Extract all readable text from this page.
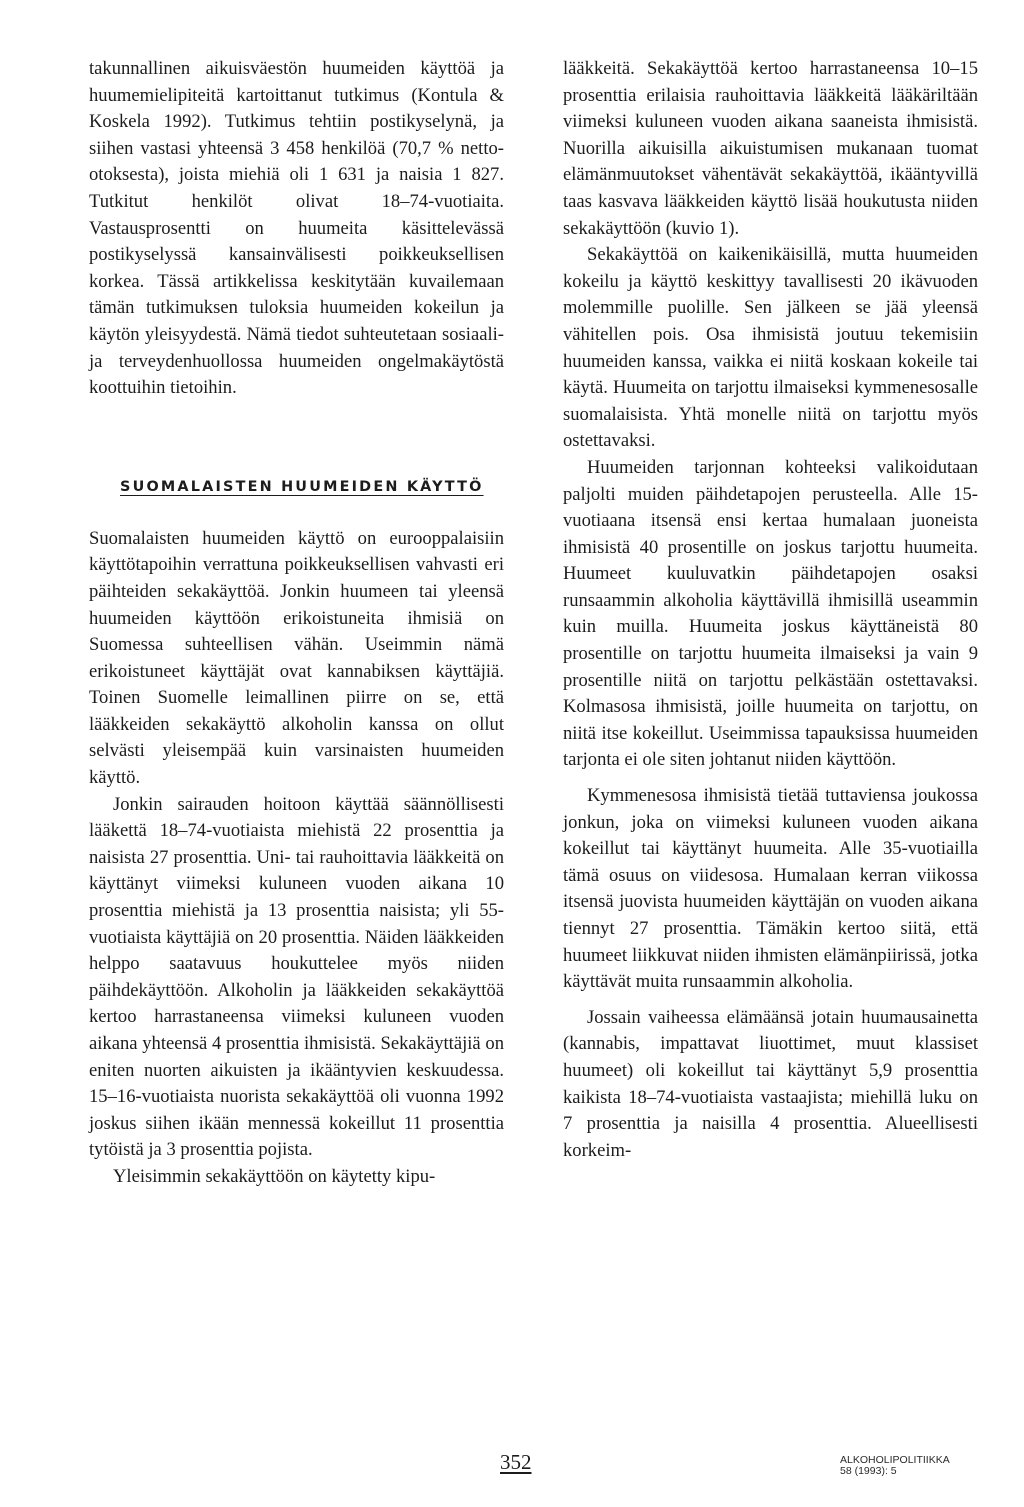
takunnallinen aikuisväestön huumeiden käyttöä ja huumemielipiteitä kartoittanut tutkimus (Kontula & Koskela 1992). Tutkimus tehtiin postikyselynä, ja siihen vastasi yhteensä 3 458 henkilöä (70,7 % netto-otoksesta), joista miehiä oli 1 631 ja naisia 1 827. Tutkitut henkilöt olivat 18–74-vuotiaita. Vastausprosentti on huumeita käsittelevässä postikyselyssä kansainvälisesti poikkeuksellisen korkea. Tässä artikkelissa keskitytään kuvailemaan tämän tutkimuksen tuloksia huumeiden kokeilun ja käytön yleisyydestä. Nämä tiedot suhteutetaan sosiaali- ja terveydenhuollossa huumeiden ongelmakäytöstä koottuihin tietoihin.

SUOMALAISTEN HUUMEIDEN KÄYTTÖ

Suomalaisten huumeiden käyttö on eurooppalaisiin käyttötapoihin verrattuna poikkeuksellisen vahvasti eri päihteiden sekakäyttöä. Jonkin huumeen tai yleensä huumeiden käyttöön erikoistuneita ihmisiä on Suomessa suhteellisen vähän. Useimmin nämä erikoistuneet käyttäjät ovat kannabiksen käyttäjiä. Toinen Suomelle leimallinen piirre on se, että lääkkeiden sekakäyttö alkoholin kanssa on ollut selvästi yleisempää kuin varsinaisten huumeiden käyttö.

Jonkin sairauden hoitoon käyttää säännöllisesti lääkettä 18–74-vuotiaista miehistä 22 prosenttia ja naisista 27 prosenttia. Uni- tai rauhoittavia lääkkeitä on käyttänyt viimeksi kuluneen vuoden aikana 10 prosenttia miehistä ja 13 prosenttia naisista; yli 55-vuotiaista käyttäjiä on 20 prosenttia. Näiden lääkkeiden helppo saatavuus houkuttelee myös niiden päihdekäyttöön. Alkoholin ja lääkkeiden sekakäyttöä kertoo harrastaneensa viimeksi kuluneen vuoden aikana yhteensä 4 prosenttia ihmisistä. Sekakäyttäjiä on eniten nuorten aikuisten ja ikääntyvien keskuudessa. 15–16-vuotiaista nuorista sekakäyttöä oli vuonna 1992 joskus siihen ikään mennessä kokeillut 11 prosenttia tytöistä ja 3 prosenttia pojista.

Yleisimmin sekakäyttöön on käytetty kipu-

lääkkeitä. Sekakäyttöä kertoo harrastaneensa 10–15 prosenttia erilaisia rauhoittavia lääkkeitä lääkäriltään viimeksi kuluneen vuoden aikana saaneista ihmisistä. Nuorilla aikuisilla aikuistumisen mukanaan tuomat elämänmuutokset vähentävät sekakäyttöä, ikääntyvillä taas kasvava lääkkeiden käyttö lisää houkutusta niiden sekakäyttöön (kuvio 1).

Sekakäyttöä on kaikenikäisillä, mutta huumeiden kokeilu ja käyttö keskittyy tavallisesti 20 ikävuoden molemmille puolille. Sen jälkeen se jää yleensä vähitellen pois. Osa ihmisistä joutuu tekemisiin huumeiden kanssa, vaikka ei niitä koskaan kokeile tai käytä. Huumeita on tarjottu ilmaiseksi kymmenesosalle suomalaisista. Yhtä monelle niitä on tarjottu myös ostettavaksi.

Huumeiden tarjonnan kohteeksi valikoidutaan paljolti muiden päihdetapojen perusteella. Alle 15-vuotiaana itsensä ensi kertaa humalaan juoneista ihmisistä 40 prosentille on joskus tarjottu huumeita. Huumeet kuuluvatkin päihdetapojen osaksi runsaammin alkoholia käyttävillä ihmisillä useammin kuin muilla. Huumeita joskus käyttäneistä 80 prosentille on tarjottu huumeita ilmaiseksi ja vain 9 prosentille niitä on tarjottu pelkästään ostettavaksi. Kolmasosa ihmisistä, joille huumeita on tarjottu, on niitä itse kokeillut. Useimmissa tapauksissa huumeiden tarjonta ei ole siten johtanut niiden käyttöön.

Kymmenesosa ihmisistä tietää tuttaviensa joukossa jonkun, joka on viimeksi kuluneen vuoden aikana kokeillut tai käyttänyt huumeita. Alle 35-vuotiailla tämä osuus on viidesosa. Humalaan kerran viikossa itsensä juovista huumeiden käyttäjän on vuoden aikana tiennyt 27 prosenttia. Tämäkin kertoo siitä, että huumeet liikkuvat niiden ihmisten elämänpiirissä, jotka käyttävät muita runsaammin alkoholia.

Jossain vaiheessa elämäänsä jotain huumausainetta (kannabis, impattavat liuottimet, muut klassiset huumeet) oli kokeillut tai käyttänyt 5,9 prosenttia kaikista 18–74-vuotiaista vastaajista; miehillä luku on 7 prosenttia ja naisilla 4 prosenttia. Alueellisesti korkeim-

352	ALKOHOLIPOLITIIKKA
58 (1993): 5
